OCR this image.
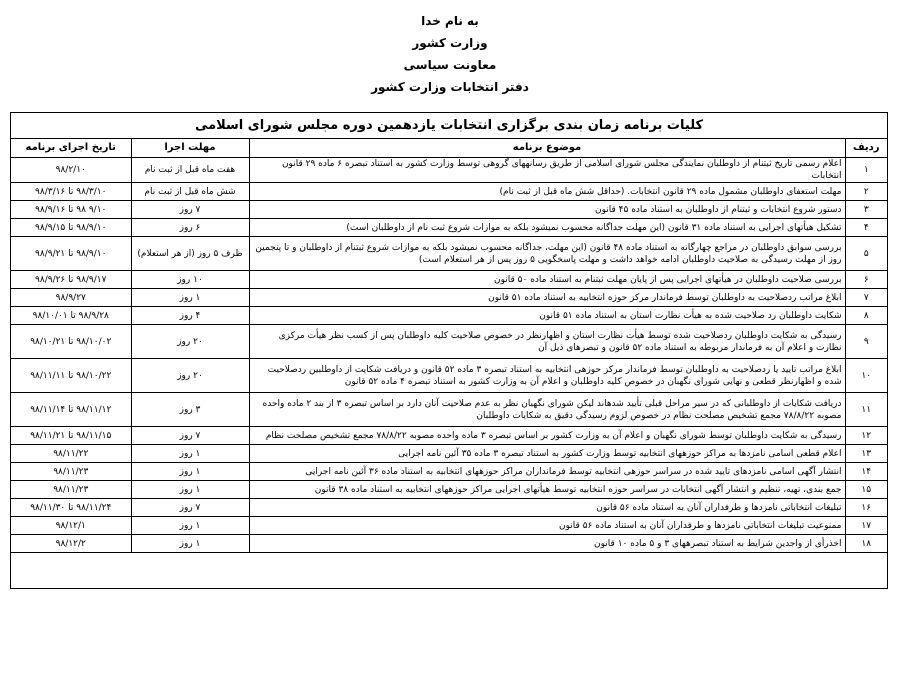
به نام خدا
وزارت کشور
معاونت سیاسی
دفتر انتخابات وزارت کشور
کلیات برنامه زمان بندی برگزاری انتخابات یازدهمین دوره مجلس شورای اسلامی
ردیف	موضوع برنامه	مهلت اجرا	تاریخ اجرای برنامه
۱	اعلام رسمی تاریخ ثبتنام از داوطلبان نمایندگی مجلس شورای اسلامی از طریق رسانههای گروهی توسط وزارت کشور به استناد تبصره ۶ ماده ۲۹ قانون انتخابات	هفت ماه قبل از ثبت نام	۹۸/۲/۱۰
۲	مهلت استعفای داوطلبان مشمول ماده ۲۹ قانون انتخابات. (حداقل شش ماه قبل از ثبت نام)	شش ماه قبل از ثبت نام	۹۸/۳/۱۰ تا ۹۸/۳/۱۶
۳	دستور شروع انتخابات و ثبتنام از داوطلبان به استناد ماده ۴۵ قانون	۷ روز	۹/۱۰ ۹۸ تا ۹۸/۹/۱۶
۴	تشکیل هیأتهای اجرایی به استناد ماده ۳۱ قانون (این مهلت جداگانه محسوب نمیشود بلکه به موازات شروع ثبت نام از داوطلبان است)	۶ روز	۹۸/۹/۱۰ تا ۹۸/۹/۱۵
۵	بررسی سوابق داوطلبان در مراجع چهارگانه به استناد ماده ۴۸ قانون (این مهلت، جداگانه محسوب نمیشود بلکه به موازات شروع ثبتنام از داوطلبان و تا پنجمین روز از مهلت رسیدگی به صلاحیت داوطلبان ادامه خواهد داشت و مهلت پاسخگویی ۵ روز پس از هر استعلام است)	ظرف ۵ روز (از هر استعلام)	۹۸/۹/۱۰ تا ۹۸/۹/۲۱
۶	بررسی صلاحیت داوطلبان در هیأتهای اجرایی پس از پایان مهلت ثبتنام به استناد ماده ۵۰ قانون	۱۰ روز	۹۸/۹/۱۷ تا ۹۸/۹/۲۶
۷	ابلاغ مراتب ردصلاحیت به داوطلبان توسط فرماندار مرکز حوزه انتخابیه به استناد ماده ۵۱ قانون	۱ روز	۹۸/۹/۲۷
۸	شکایت داوطلبان رد صلاحیت شده به هیأت نظارت استان به استناد ماده ۵۱ قانون	۴ روز	۹۸/۹/۲۸ تا ۹۸/۱۰/۰۱
۹	رسیدگی به شکایت داوطلبان ردصلاحیت شده توسط هیأت نظارت استان و اظهارنظر در خصوص صلاحیت کلیه داوطلبان پس از کسب نظر هیأت مرکزی نظارت و اعلام آن به فرماندار مربوطه به استناد ماده ۵۲ قانون و تبصرهای ذیل آن	۲۰ روز	۹۸/۱۰/۰۲ تا ۹۸/۱۰/۲۱
۱۰	ابلاغ مراتب تایید یا ردصلاحیت به داوطلبان توسط فرماندار مرکز حوزهی انتخابیه به استناد تبصره ۳ ماده ۵۲ قانون و دریافت شکایت از داوطلبین ردصلاحیت شده و اظهارنظر قطعی و نهایی شورای نگهبان در خصوص کلیه داوطلبان و اعلام آن به وزارت کشور به استناد تبصره ۴ ماده ۵۲ قانون	۲۰ روز	۹۸/۱۰/۲۲ تا ۹۸/۱۱/۱۱
۱۱	دریافت شکایات از داوطلبانی که در سیر مراحل قبلی تأیید شدهاند لیکن شورای نگهبان نظر به عدم صلاحیت آنان دارد بر اساس تبصره ۳ از بند ۲ ماده واحده مصوبه ۷۸/۸/۲۲ مجمع تشخیص مصلحت نظام در خصوص لزوم رسیدگی دقیق به شکایات داوطلبان	۳ روز	۹۸/۱۱/۱۲ تا ۹۸/۱۱/۱۴
۱۲	رسیدگی به شکایت داوطلبان توسط شورای نگهبان و اعلام آن به وزارت کشور بر اساس تبصره ۳ ماده واحده مصوبه ۷۸/۸/۲۲ مجمع تشخیص مصلحت نظام	۷ روز	۹۸/۱۱/۱۵ تا ۹۸/۱۱/۲۱
۱۳	اعلام قطعی اسامی نامزدها به مراکز حوزههای انتخابیه توسط وزارت کشور به استناد تبصره ۳ ماده ۳۵ آئین نامه اجرایی	۱ روز	۹۸/۱۱/۲۲
۱۴	انتشار آگهی اسامی نامزدهای تایید شده در سراسر حوزهی انتخابیه توسط فرمانداران مراکز حوزههای انتخابیه به استناد ماده ۳۶ آئین نامه اجرایی	۱ روز	۹۸/۱۱/۲۳
۱۵	جمع بندی، تهیه، تنظیم و انتشار آگهی انتخابات در سراسر حوزه انتخابیه توسط هیأتهای اجرایی مراکز حوزههای انتخابیه به استناد ماده ۳۸ قانون	۱ روز	۹۸/۱۱/۲۳
۱۶	تبلیغات انتخاباتی نامزدها و طرفداران آنان به استناد ماده ۵۶ قانون	۷ روز	۹۸/۱۱/۲۴ تا ۹۸/۱۱/۳۰
۱۷	ممنوعیت تبلیغات انتخاباتی نامزدها و طرفداران آنان به استناد ماده ۵۶ قانون	۱ روز	۹۸/۱۲/۱
۱۸	اخذرأی از واجدین شرایط به استناد تبصرههای ۳ و ۵ ماده ۱۰ قانون	۱ روز	۹۸/۱۲/۲
